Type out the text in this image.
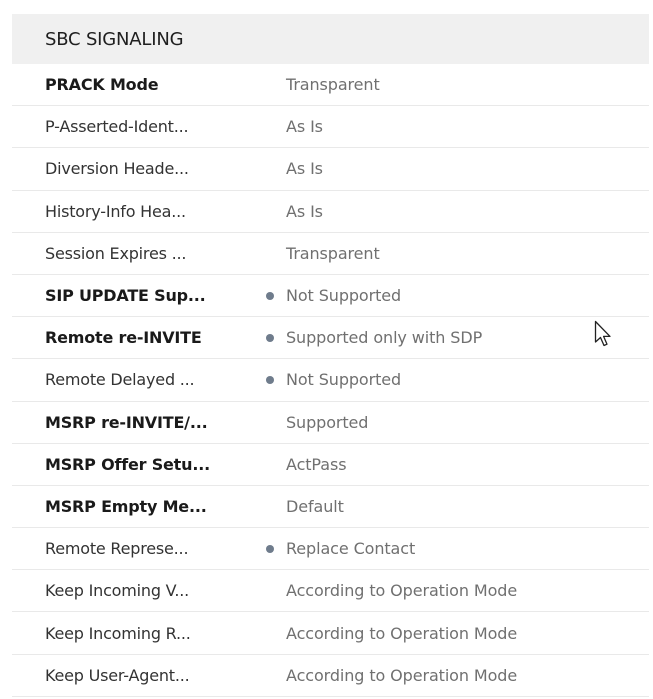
SBC SIGNALING
PRACK Mode	Transparent
P-Asserted-Ident...	As Is
Diversion Heade...	As Is
History-Info Hea...	As Is
Session Expires ...	Transparent
SIP UPDATE Sup...	Not Supported
Remote re-INVITE	Supported only with SDP
Remote Delayed ...	Not Supported
MSRP re-INVITE/...	Supported
MSRP Offer Setu...	ActPass
MSRP Empty Me...	Default
Remote Represe...	Replace Contact
Keep Incoming V...	According to Operation Mode
Keep Incoming R...	According to Operation Mode
Keep User-Agent...	According to Operation Mode
